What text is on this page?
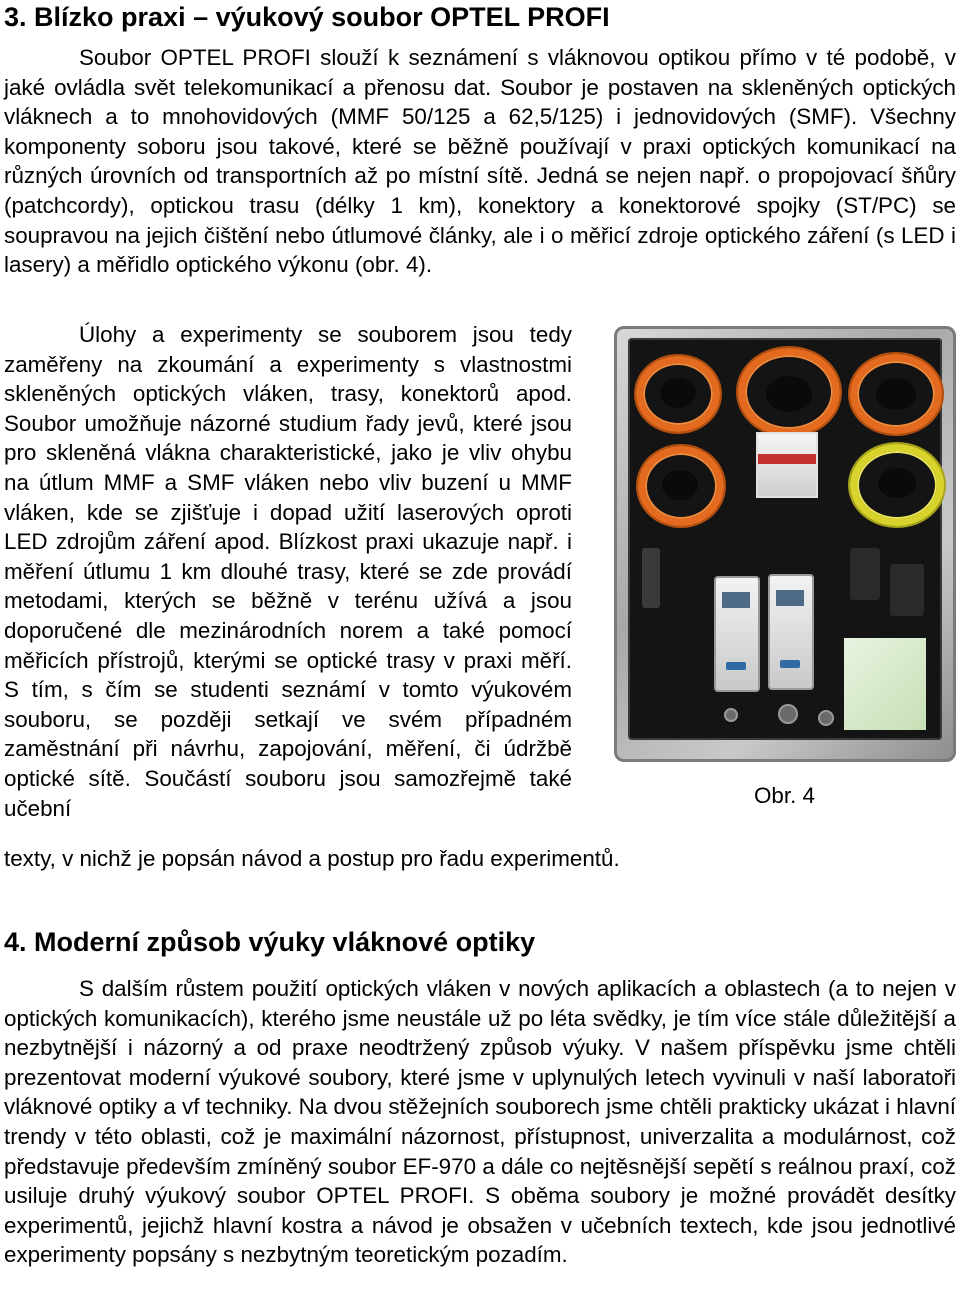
3. Blízko praxi – výukový soubor OPTEL PROFI

Soubor OPTEL PROFI slouží k seznámení s vláknovou optikou přímo v té podobě, v jaké ovládla svět telekomunikací a přenosu dat. Soubor je postaven na skleněných optických vláknech a to mnohovidových (MMF 50/125 a 62,5/125) i jednovidových (SMF). Všechny komponenty soboru jsou takové, které se běžně používají v praxi optických komunikací na různých úrovních od transportních až po místní sítě. Jedná se nejen např. o propojovací šňůry (patchcordy), optickou trasu (délky 1 km), konektory a konektorové spojky (ST/PC) se soupravou na jejich čištění nebo útlumové články, ale i o měřicí zdroje optického záření (s LED i lasery) a měřidlo optického výkonu (obr. 4).

Úlohy a experimenty se souborem jsou tedy zaměřeny na zkoumání a experimenty s vlastnostmi skleněných optických vláken, trasy, konektorů apod. Soubor umožňuje názorné studium řady jevů, které jsou pro skleněná vlákna charakteristické, jako je vliv ohybu na útlum MMF a SMF vláken nebo vliv buzení u MMF vláken, kde se zjišťuje i dopad užití laserových oproti LED zdrojům záření apod. Blízkost praxi ukazuje např. i měření útlumu 1 km dlouhé trasy, které se zde provádí metodami, kterých se běžně v terénu užívá a jsou doporučené dle mezinárodních norem a také pomocí měřicích přístrojů, kterými se optické trasy v praxi měří. S tím, s čím se studenti seznámí v tomto výukovém souboru, se později setkají ve svém případném zaměstnání při návrhu, zapojování, měření, či údržbě optické sítě. Součástí souboru jsou samozřejmě také učební

texty, v nichž je popsán návod a postup pro řadu experimentů.

4. Moderní způsob výuky vláknové optiky

S dalším růstem použití optických vláken v nových aplikacích a oblastech (a to nejen v optických komunikacích), kterého jsme neustále už po léta svědky, je tím více stále důležitější a nezbytnější i názorný a od praxe neodtržený způsob výuky. V našem příspěvku jsme chtěli prezentovat moderní výukové soubory, které jsme v uplynulých letech vyvinuli v naší laboratoři vláknové optiky a vf techniky. Na dvou stěžejních souborech jsme chtěli prakticky ukázat i hlavní trendy v této oblasti, což je maximální názornost, přístupnost, univerzalita a modulárnost, což představuje především zmíněný soubor EF-970 a dále co nejtěsnější sepětí s reálnou praxí, což usiluje druhý výukový soubor OPTEL PROFI. S oběma soubory je možné provádět desítky experimentů, jejichž hlavní kostra a návod je obsažen v učebních textech, kde jsou jednotlivé experimenty popsány s nezbytným teoretickým pozadím.

Obr. 4
